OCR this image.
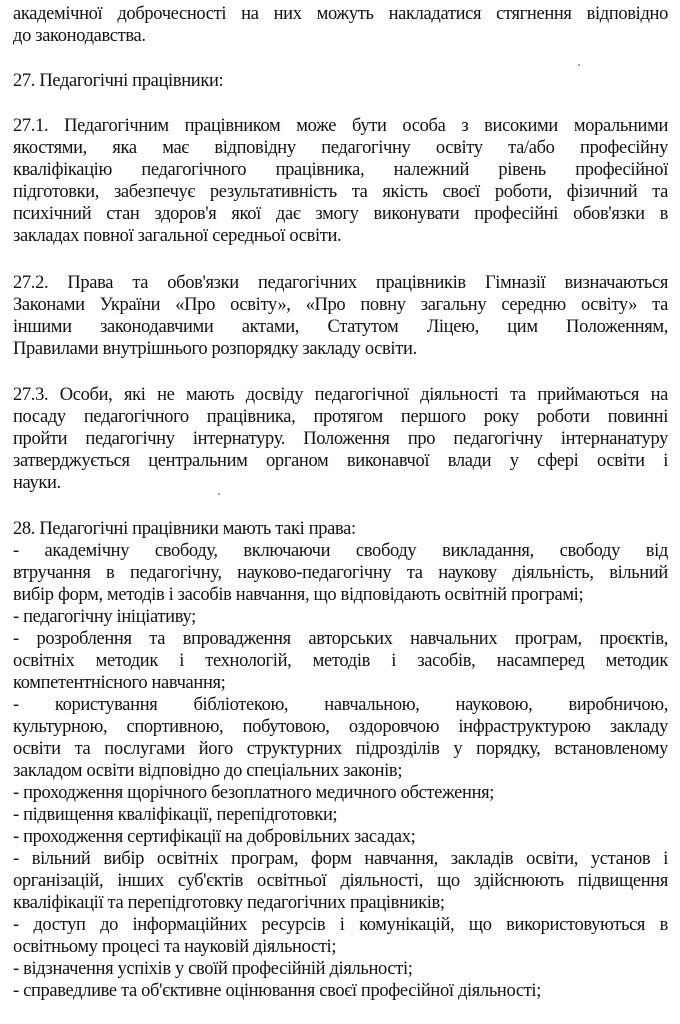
академічної доброчесності на них можуть накладатися стягнення відповідно
до законодавства.
27. Педагогічні працівники:
27.1. Педагогічним працівником може бути особа з високими моральними
якостями, яка має відповідну педагогічну освіту та/або професійну
кваліфікацію педагогічного працівника, належний рівень професійної
підготовки, забезпечує результативність та якість своєї роботи, фізичний та
психічний стан здоров'я якої дає змогу виконувати професійні обов'язки в
закладах повної загальної середньої освіти.
27.2. Права та обов'язки педагогічних працівників Гімназії визначаються
Законами України «Про освіту», «Про повну загальну середню освіту» та
іншими законодавчими актами, Статутом Ліцею, цим Положенням,
Правилами внутрішнього розпорядку закладу освіти.
27.3. Особи, які не мають досвіду педагогічної діяльності та приймаються на
посаду педагогічного працівника, протягом першого року роботи повинні
пройти педагогічну інтернатуру. Положення про педагогічну інтернанатуру
затверджується центральним органом виконавчої влади у сфері освіти і
науки.
28. Педагогічні працівники мають такі права:
- академічну свободу, включаючи свободу викладання, свободу від
втручання в педагогічну, науково-педагогічну та наукову діяльність, вільний
вибір форм, методів і засобів навчання, що відповідають освітній програмі;
- педагогічну ініціативу;
- розроблення та впровадження авторських навчальних програм, проєктів,
освітніх методик і технологій, методів і засобів, насамперед методик
компетентнісного навчання;
- користування бібліотекою, навчальною, науковою, виробничою,
культурною, спортивною, побутовою, оздоровчою інфраструктурою закладу
освіти та послугами його структурних підрозділів у порядку, встановленому
закладом освіти відповідно до спеціальних законів;
- проходження щорічного безоплатного медичного обстеження;
- підвищення кваліфікації, перепідготовки;
- проходження сертифікації на добровільних засадах;
- вільний вибір освітніх програм, форм навчання, закладів освіти, установ і
організацій, інших суб'єктів освітньої діяльності, що здійснюють підвищення
кваліфікації та перепідготовку педагогічних працівників;
- доступ до інформаційних ресурсів і комунікацій, що використовуються в
освітньому процесі та науковій діяльності;
- відзначення успіхів у своїй професійній діяльності;
- справедливе та об'єктивне оцінювання своєї професійної діяльності;
